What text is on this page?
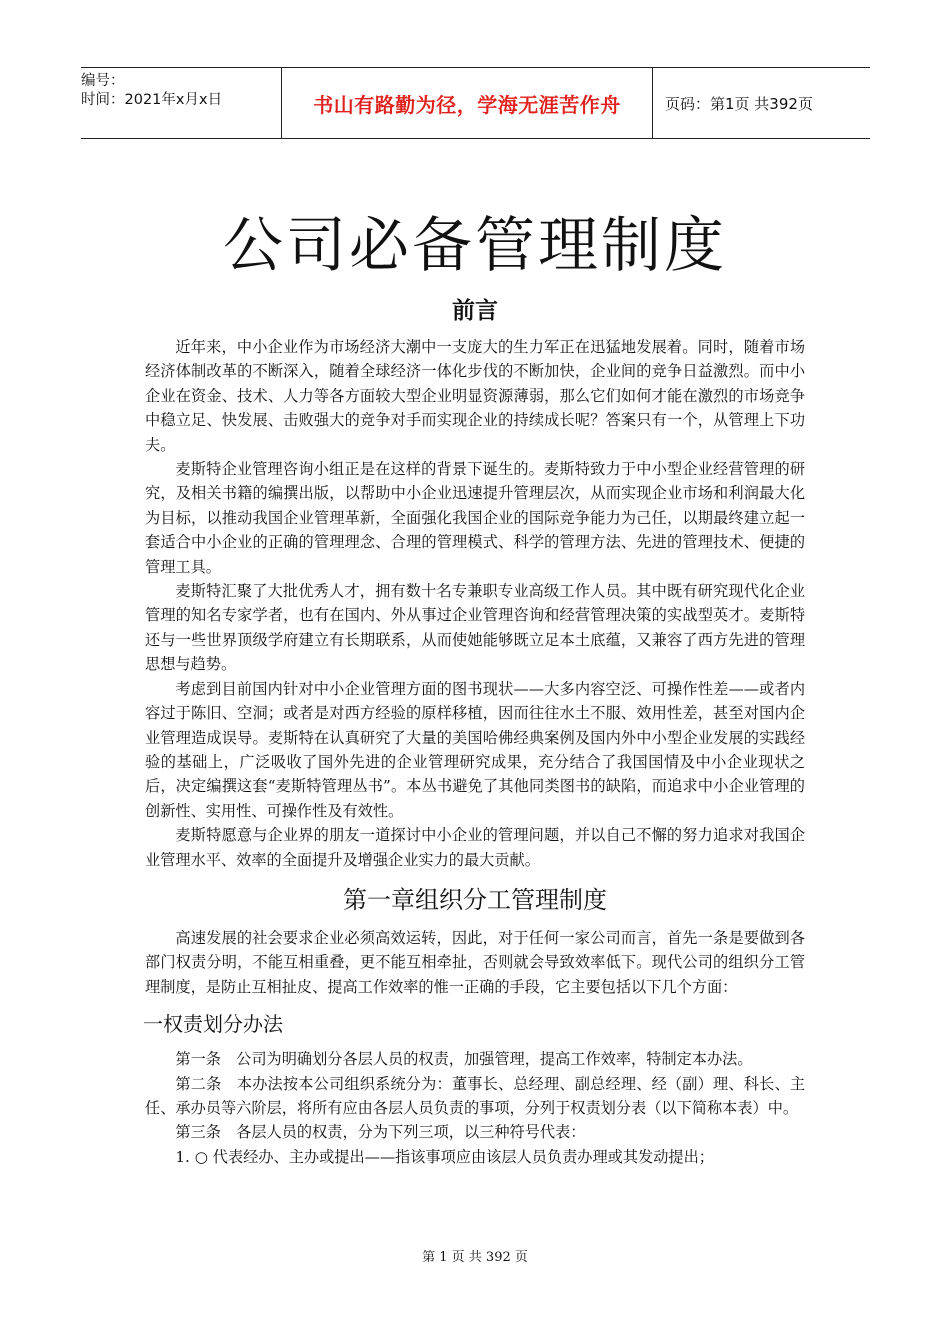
编号：
时间：2021年x月x日	书山有路勤为径，学海无涯苦作舟	页码：第1页 共392页
公司必备管理制度
前言

近年来，中小企业作为市场经济大潮中一支庞大的生力军正在迅猛地发展着。同时，随着市场经济体制改革的不断深入，随着全球经济一体化步伐的不断加快，企业间的竞争日益激烈。而中小企业在资金、技术、人力等各方面较大型企业明显资源薄弱，那么它们如何才能在激烈的市场竞争中稳立足、快发展、击败强大的竞争对手而实现企业的持续成长呢？答案只有一个，从管理上下功夫。

麦斯特企业管理咨询小组正是在这样的背景下诞生的。麦斯特致力于中小型企业经营管理的研究，及相关书籍的编撰出版，以帮助中小企业迅速提升管理层次，从而实现企业市场和利润最大化为目标，以推动我国企业管理革新，全面强化我国企业的国际竞争能力为己任，以期最终建立起一套适合中小企业的正确的管理理念、合理的管理模式、科学的管理方法、先进的管理技术、便捷的管理工具。

麦斯特汇聚了大批优秀人才，拥有数十名专兼职专业高级工作人员。其中既有研究现代化企业管理的知名专家学者，也有在国内、外从事过企业管理咨询和经营管理决策的实战型英才。麦斯特还与一些世界顶级学府建立有长期联系，从而使她能够既立足本土底蕴，又兼容了西方先进的管理思想与趋势。

考虑到目前国内针对中小企业管理方面的图书现状——大多内容空泛、可操作性差——或者内容过于陈旧、空洞；或者是对西方经验的原样移植，因而往往水土不服、效用性差，甚至对国内企业管理造成误导。麦斯特在认真研究了大量的美国哈佛经典案例及国内外中小型企业发展的实践经验的基础上，广泛吸收了国外先进的企业管理研究成果，充分结合了我国国情及中小企业现状之后，决定编撰这套“麦斯特管理丛书”。本丛书避免了其他同类图书的缺陷，而追求中小企业管理的创新性、实用性、可操作性及有效性。

麦斯特愿意与企业界的朋友一道探讨中小企业的管理问题，并以自己不懈的努力追求对我国企业管理水平、效率的全面提升及增强企业实力的最大贡献。

第一章组织分工管理制度

高速发展的社会要求企业必须高效运转，因此，对于任何一家公司而言，首先一条是要做到各部门权责分明，不能互相重叠，更不能互相牵扯，否则就会导致效率低下。现代公司的组织分工管理制度，是防止互相扯皮、提高工作效率的惟一正确的手段，它主要包括以下几个方面：

一权责划分办法

第一条　公司为明确划分各层人员的权责，加强管理，提高工作效率，特制定本办法。

第二条　本办法按本公司组织系统分为：董事长、总经理、副总经理、经（副）理、科长、主任、承办员等六阶层，将所有应由各层人员负责的事项，分列于权责划分表（以下简称本表）中。

第三条　各层人员的权责，分为下列三项，以三种符号代表：

1. ○ 代表经办、主办或提出——指该事项应由该层人员负责办理或其发动提出；

第 1 页 共 392 页
